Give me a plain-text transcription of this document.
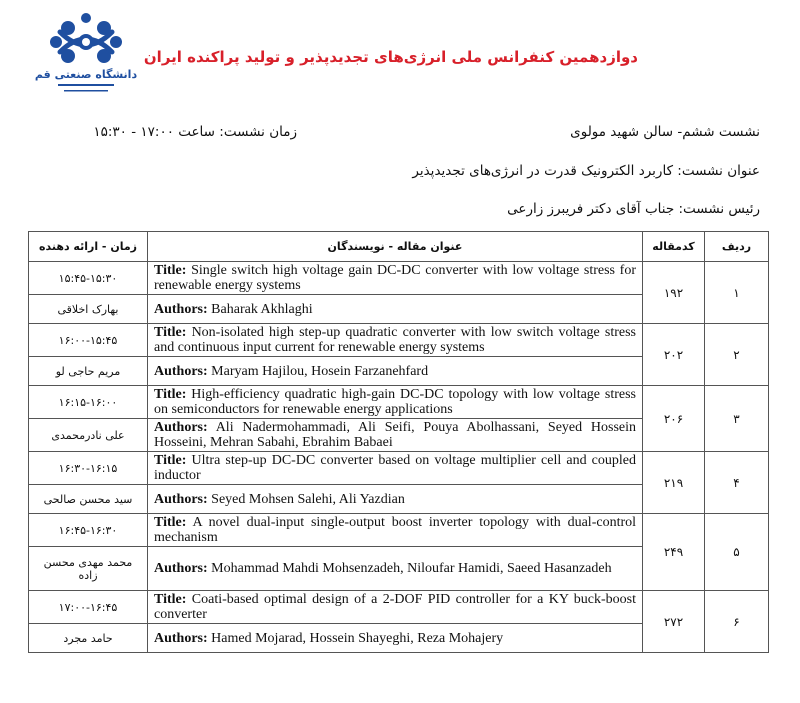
دانشگاه صنعتی قم
دوازدهمین کنفرانس ملی انرژی‌های تجدیدپذیر و تولید پراکنده ایران
نشست ششم- سالن شهید مولوی
زمان نشست: ساعت ۱۷:۰۰ - ۱۵:۳۰
عنوان نشست: کاربرد الکترونیک قدرت در انرژی‌های تجدیدپذیر
رئیس نشست: جناب آقای دکتر فریبرز زارعی
زمان - ارائه دهنده	عنوان مقاله - نویسندگان	کدمقاله	ردیف
۱۵:۴۵-۱۵:۳۰	Title: Single switch high voltage gain DC-DC converter with low voltage stress for renewable energy systems	۱۹۲	۱
بهارک اخلاقی	Authors: Baharak Akhlaghi		
۱۶:۰۰-۱۵:۴۵	Title: Non-isolated high step-up quadratic converter with low switch voltage stress and continuous input current for renewable energy systems	۲۰۲	۲
مریم حاجی لو	Authors: Maryam Hajilou, Hosein Farzanehfard		
۱۶:۱۵-۱۶:۰۰	Title: High-efficiency quadratic high-gain DC-DC topology with low voltage stress on semiconductors for renewable energy applications	۲۰۶	۳
علی نادرمحمدی	Authors: Ali Nadermohammadi, Ali Seifi, Pouya Abolhassani, Seyed Hossein Hosseini, Mehran Sabahi, Ebrahim Babaei		
۱۶:۳۰-۱۶:۱۵	Title: Ultra step-up DC-DC converter based on voltage multiplier cell and coupled inductor	۲۱۹	۴
سید محسن صالحی	Authors: Seyed Mohsen Salehi, Ali Yazdian		
۱۶:۴۵-۱۶:۳۰	Title: A novel dual-input single-output boost inverter topology with dual-control mechanism	۲۴۹	۵
محمد مهدی محسن زاده	Authors: Mohammad Mahdi Mohsenzadeh, Niloufar Hamidi, Saeed Hasanzadeh		
۱۷:۰۰-۱۶:۴۵	Title: Coati-based optimal design of a 2-DOF PID controller for a KY buck-boost converter	۲۷۲	۶
حامد مجرد	Authors: Hamed Mojarad, Hossein Shayeghi, Reza Mohajery		
